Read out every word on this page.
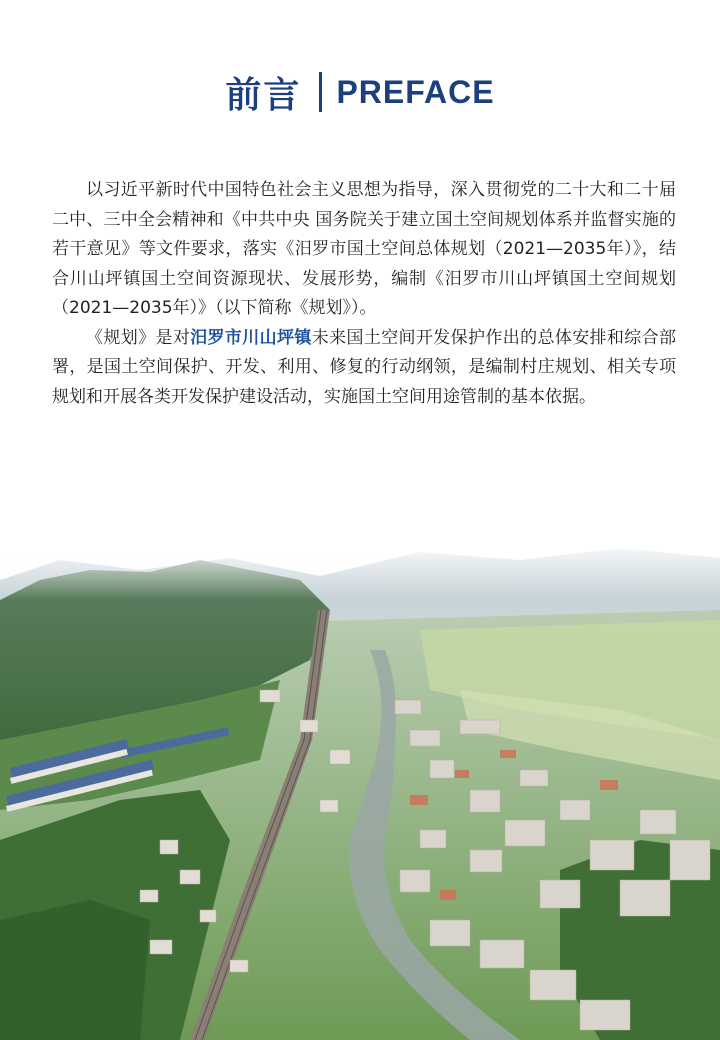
前言 PREFACE

以习近平新时代中国特色社会主义思想为指导，深入贯彻党的二十大和二十届二中、三中全会精神和《中共中央 国务院关于建立国土空间规划体系并监督实施的若干意见》等文件要求，落实《汨罗市国土空间总体规划（2021—2035年）》，结合川山坪镇国土空间资源现状、发展形势，编制《汨罗市川山坪镇国土空间规划（2021—2035年）》（以下简称《规划》）。

《规划》是对汨罗市川山坪镇未来国土空间开发保护作出的总体安排和综合部署，是国土空间保护、开发、利用、修复的行动纲领，是编制村庄规划、相关专项规划和开展各类开发保护建设活动，实施国土空间用途管制的基本依据。
